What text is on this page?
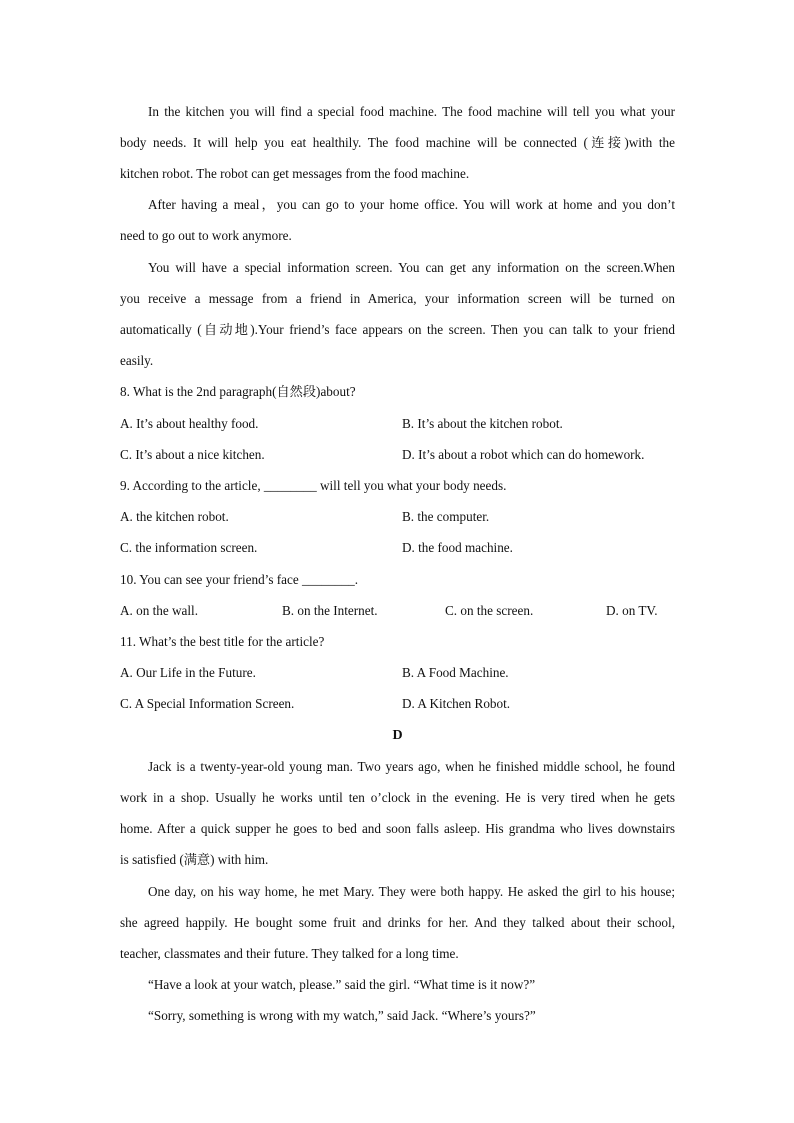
In the kitchen you will find a special food machine. The food machine will tell you what your
body needs. It will help you eat healthily. The food machine will be connected (连接)with the
kitchen robot. The robot can get messages from the food machine.
After having a meal，you can go to your home office. You will work at home and you don’t
need to go out to work anymore.
You will have a special information screen. You can get any information on the screen.When
you receive a message from a friend in America, your information screen will be turned on
automatically (自动地).Your friend’s face appears on the screen. Then you can talk to your friend
easily.
8. What is the 2nd paragraph(自然段)about?
A. It’s about healthy food.	B. It’s about the kitchen robot.
C. It’s about a nice kitchen.	D. It’s about a robot which can do homework.
9. According to the article, ________ will tell you what your body needs.
A. the kitchen robot.	B. the computer.
C. the information screen.	D. the food machine.
10. You can see your friend’s face ________.
A. on the wall.	B. on the Internet.	C. on the screen.	D. on TV.
11. What’s the best title for the article?
A. Our Life in the Future.	B. A Food Machine.
C. A Special Information Screen.	D. A Kitchen Robot.
D
Jack is a twenty-year-old young man. Two years ago, when he finished middle school, he found
work in a shop. Usually he works until ten o’clock in the evening. He is very tired when he gets
home. After a quick supper he goes to bed and soon falls asleep. His grandma who lives downstairs
is satisfied (满意) with him.
One day, on his way home, he met Mary. They were both happy. He asked the girl to his house;
she agreed happily. He bought some fruit and drinks for her. And they talked about their school,
teacher, classmates and their future. They talked for a long time.
“Have a look at your watch, please.” said the girl. “What time is it now?”
“Sorry, something is wrong with my watch,” said Jack. “Where’s yours?”
